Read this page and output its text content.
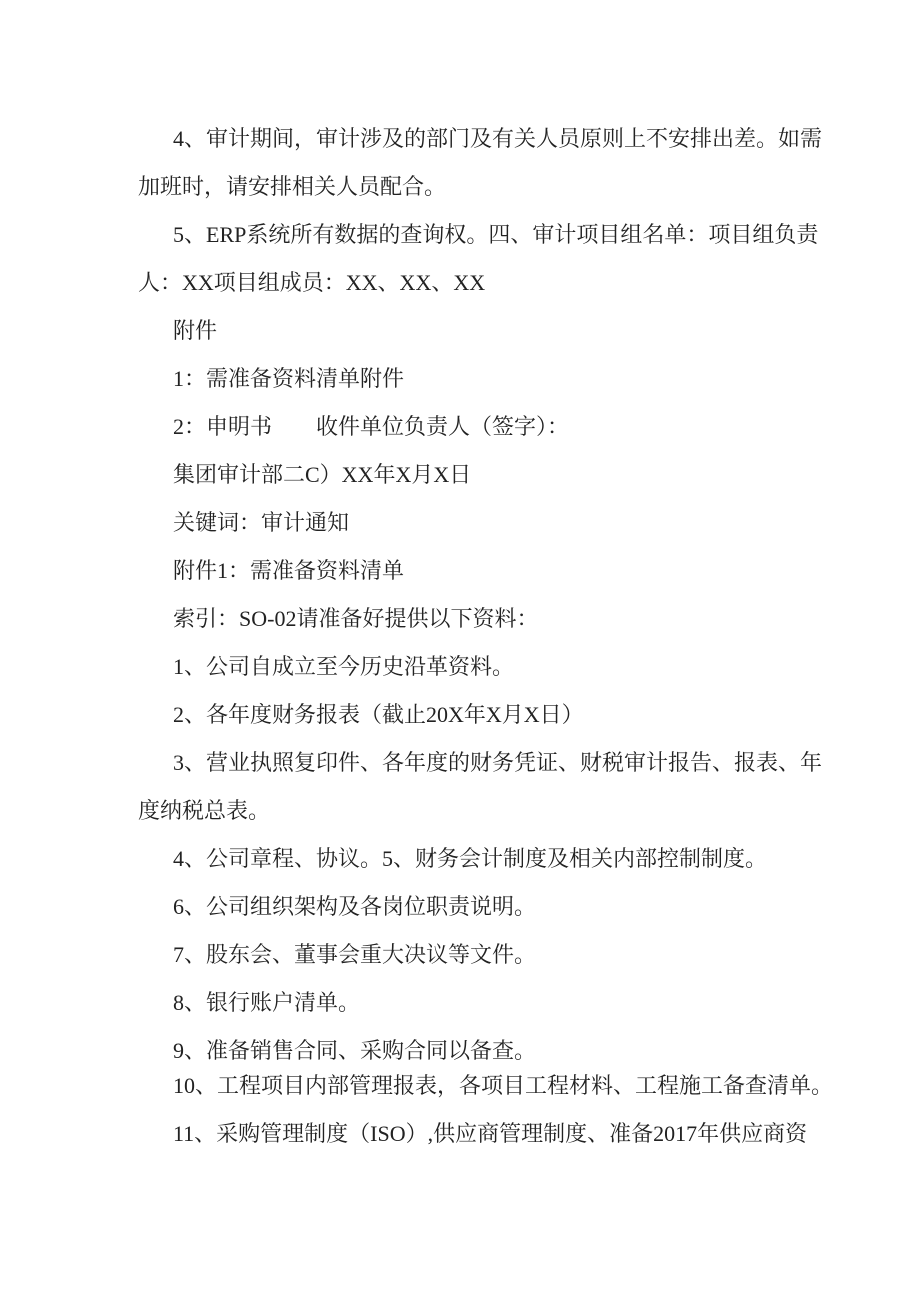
4、审计期间，审计涉及的部门及有关人员原则上不安排出差。如需
加班时，请安排相关人员配合。
5、ERP系统所有数据的查询权。四、审计项目组名单：项目组负责
人：XX项目组成员：XX、XX、XX
附件
1：需准备资料清单附件
2：申明书　　收件单位负责人（签字）：
集团审计部二C）XX年X月X日
关键词：审计通知
附件1：需准备资料清单
索引：SO-02请准备好提供以下资料：
1、公司自成立至今历史沿革资料。
2、各年度财务报表（截止20X年X月X日）
3、营业执照复印件、各年度的财务凭证、财税审计报告、报表、年
度纳税总表。
4、公司章程、协议。5、财务会计制度及相关内部控制制度。
6、公司组织架构及各岗位职责说明。
7、股东会、董事会重大决议等文件。
8、银行账户清单。
9、准备销售合同、采购合同以备查。
10、工程项目内部管理报表，各项目工程材料、工程施工备查清单。
11、采购管理制度（ISO）,供应商管理制度、准备2017年供应商资
